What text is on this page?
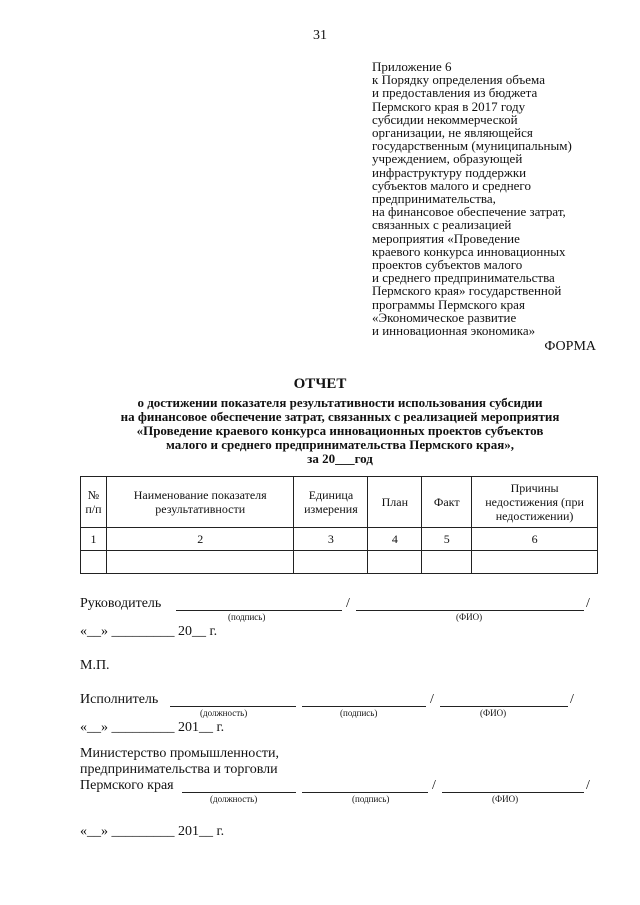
31
Приложение 6
к Порядку определения объема
и предоставления из бюджета
Пермского края в 2017 году
субсидии некоммерческой
организации, не являющейся
государственным (муниципальным)
учреждением, образующей
инфраструктуру поддержки
субъектов малого и среднего
предпринимательства,
на финансовое обеспечение затрат,
связанных с реализацией
мероприятия «Проведение
краевого конкурса инновационных
проектов субъектов малого
и среднего предпринимательства
Пермского края» государственной
программы Пермского края
«Экономическое развитие
и инновационная экономика»
ФОРМА
ОТЧЕТ
о достижении показателя результативности использования субсидии
на финансовое обеспечение затрат, связанных с реализацией мероприятия
«Проведение краевого конкурса инновационных проектов субъектов
малого и среднего предпринимательства Пермского края»,
за 20___год
№ п/п	Наименование показателя результативности	Единица измерения	План	Факт	Причины недостижения (при недостижении)
1	2	3	4	5	6

Руководитель	/	/
(подпись)	(ФИО)
«__» _________ 20__ г.
М.П.
Исполнитель	/	/
(должность)	(подпись)	(ФИО)
«__» _________ 201__ г.
Министерство промышленности,
предпринимательства и торговли
Пермского края	/	/
(должность)	(подпись)	(ФИО)
«__» _________ 201__ г.
